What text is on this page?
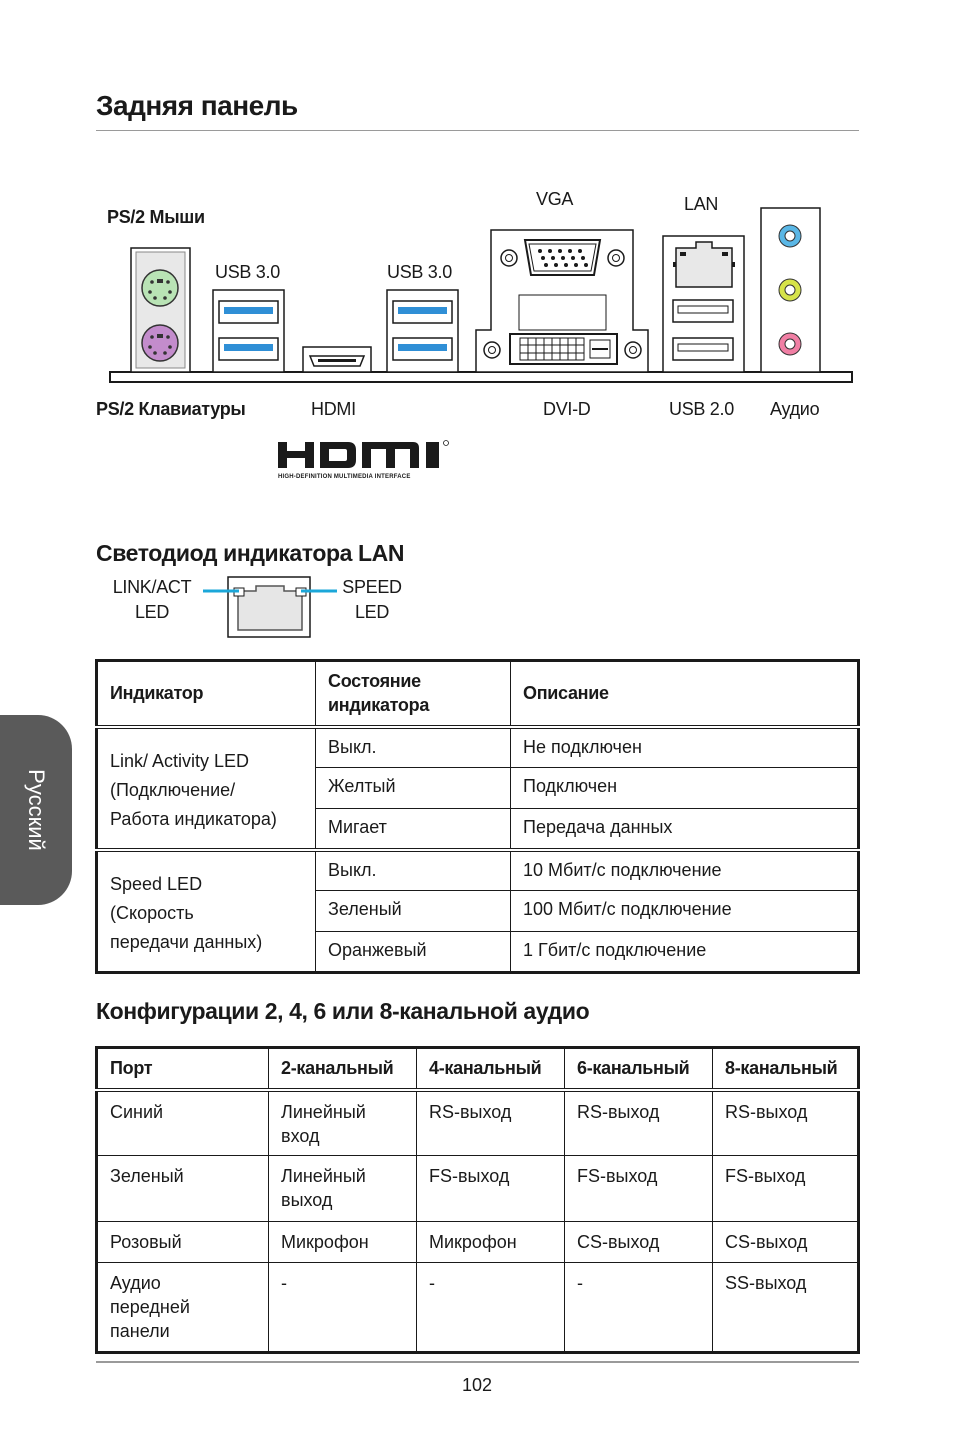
Задняя панель
Русский
PS/2 Мыши
USB 3.0	USB 3.0
VGA	LAN
PS/2 Клавиатуры	HDMI	DVI-D	USB 2.0 Аудио
HIGH-DEFINITION MULTIMEDIA INTERFACE
Светодиод индикатора LAN
LINK/ACT
LED
SPEED
LED
Индикатор	Состояние индикатора	Описание

Link/ Activity LED
(Подключение/
Работа индикатора)	Выкл.	Не подключен
	Желтый	Подключен
	Мигает	Передача данных

Speed LED
(Скорость
передачи данных)	Выкл.	10 Мбит/с подключение
	Зеленый	100 Мбит/с подключение
	Оранжевый	1 Гбит/с подключение
Конфигурации 2, 4, 6 или 8-канальной аудио
Порт	2-канальный	4-канальный	6-канальный	8-канальный
Синий	Линейный вход	RS-выход	RS-выход	RS-выход
Зеленый	Линейный выход	FS-выход	FS-выход	FS-выход
Розовый	Микрофон	Микрофон	CS-выход	CS-выход
Аудио передней панели	-	-	-	SS-выход
102
